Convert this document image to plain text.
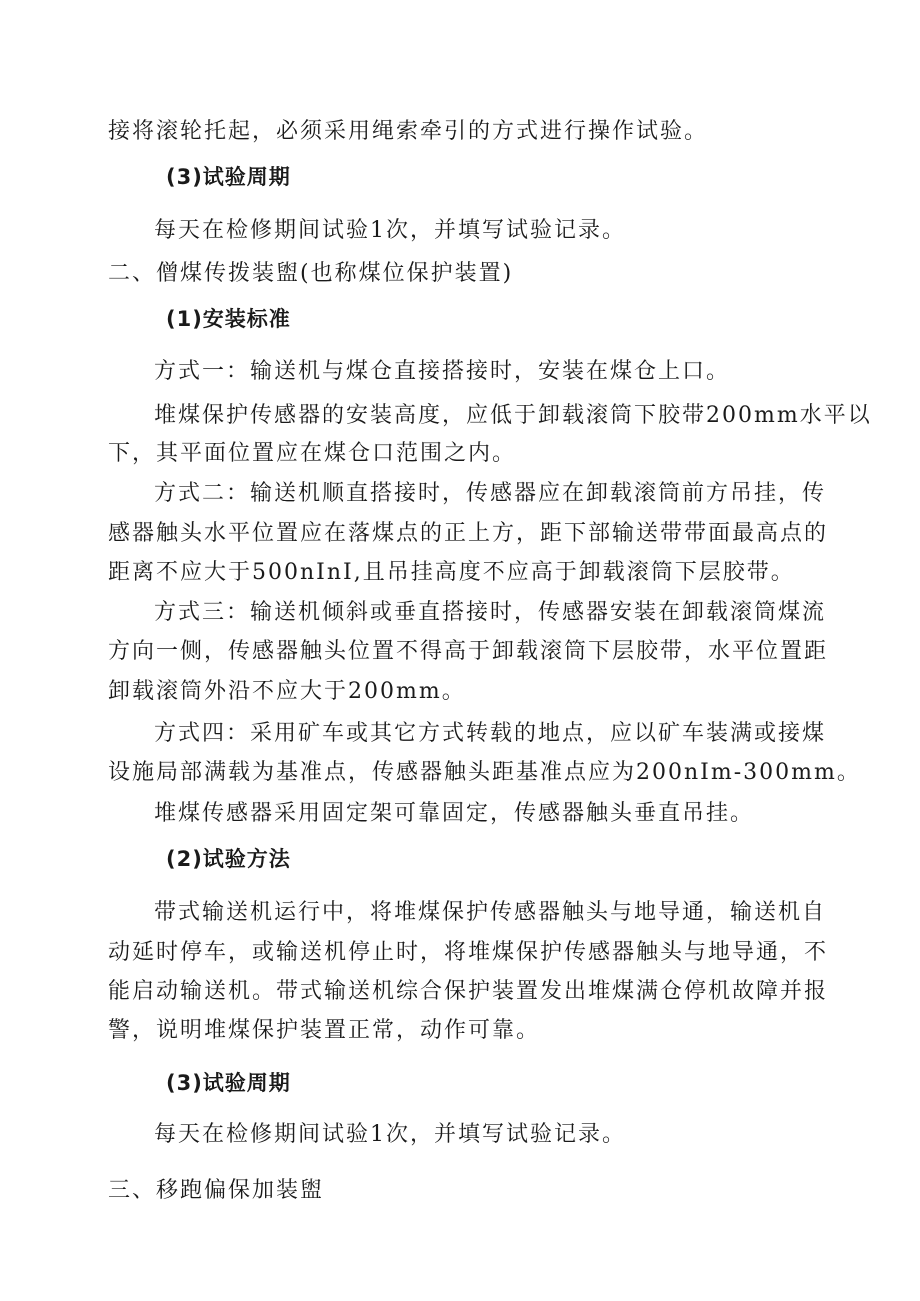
接将滚轮托起，必须采用绳索牵引的方式进行操作试验。
(3)试验周期
每天在检修期间试验1次，并填写试验记录。
二、僧煤传拨装盥(也称煤位保护装置)
(1)安装标准
方式一：输送机与煤仓直接搭接时，安装在煤仓上口。
堆煤保护传感器的安装高度，应低于卸载滚筒下胶带200mm水平以
下，其平面位置应在煤仓口范围之内。
方式二：输送机顺直搭接时，传感器应在卸载滚筒前方吊挂，传
感器触头水平位置应在落煤点的正上方，距下部输送带带面最高点的
距离不应大于500nInI,且吊挂高度不应高于卸载滚筒下层胶带。
方式三：输送机倾斜或垂直搭接时，传感器安装在卸载滚筒煤流
方向一侧，传感器触头位置不得高于卸载滚筒下层胶带，水平位置距
卸载滚筒外沿不应大于200mm。
方式四：采用矿车或其它方式转载的地点，应以矿车装满或接煤
设施局部满载为基准点，传感器触头距基准点应为200nIm-300mm。
堆煤传感器采用固定架可靠固定，传感器触头垂直吊挂。
(2)试验方法
带式输送机运行中，将堆煤保护传感器触头与地导通，输送机自
动延时停车，或输送机停止时，将堆煤保护传感器触头与地导通，不
能启动输送机。带式输送机综合保护装置发出堆煤满仓停机故障并报
警，说明堆煤保护装置正常，动作可靠。
(3)试验周期
每天在检修期间试验1次，并填写试验记录。
三、移跑偏保加装盥
